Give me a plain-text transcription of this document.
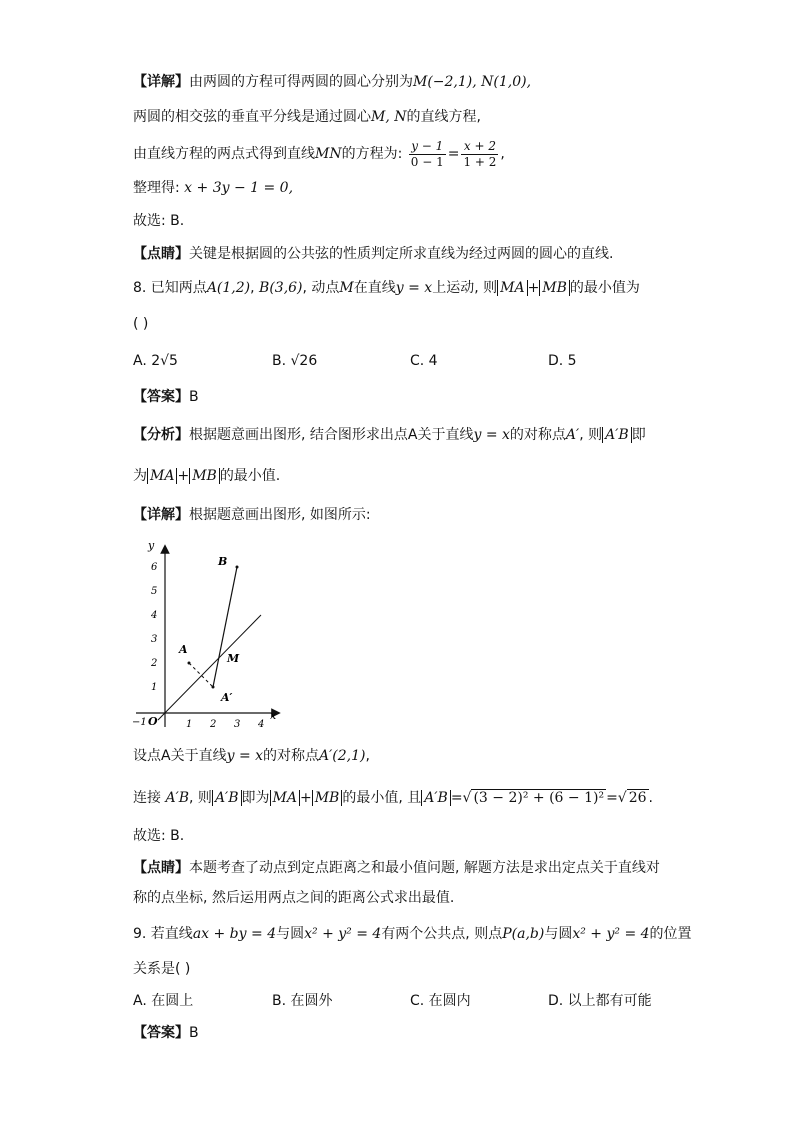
【详解】由两圆的方程可得两圆的圆心分别为M(−2,1), N(1,0),
两圆的相交弦的垂直平分线是通过圆心M, N的直线方程,
由直线方程的两点式得到直线MN的方程为: $\frac{y - 1}{0 - 1} = \frac{x + 2}{1 + 2}$ ,
整理得: x + 3y − 1 = 0,
故选: B.
【点睛】关键是根据圆的公共弦的性质判定所求直线为经过两圆的圆心的直线.
8. 已知两点A(1,2), B(3,6), 动点M在直线y = x上运动, 则 MA + MB 的最小值为
( )
A. 2√5	B. √26	C. 4	D. 5
【答案】B
【分析】根据题意画出图形, 结合图形求出点A关于直线y = x的对称点A′, 则 A′B 即
为 MA + MB 的最小值.
【详解】根据题意画出图形, 如图所示:
y
x
O
−1	1 2 3 4
1
2
3
4
5
6	B
A
M
A′
设点A关于直线y = x的对称点A′(2,1),
连接 A′B, 则 A′B 即为 MA + MB 的最小值, 且 A′B =√ (3 − 2)² + (6 − 1)² =√ 26 .
故选: B.
【点睛】本题考查了动点到定点距离之和最小值问题, 解题方法是求出定点关于直线对
称的点坐标, 然后运用两点之间的距离公式求出最值.
9. 若直线ax + by = 4与圆x² + y² = 4有两个公共点, 则点P(a,b)与圆x² + y² = 4的位置
关系是( )
A. 在圆上	B. 在圆外	C. 在圆内	D. 以上都有可能
【答案】B
